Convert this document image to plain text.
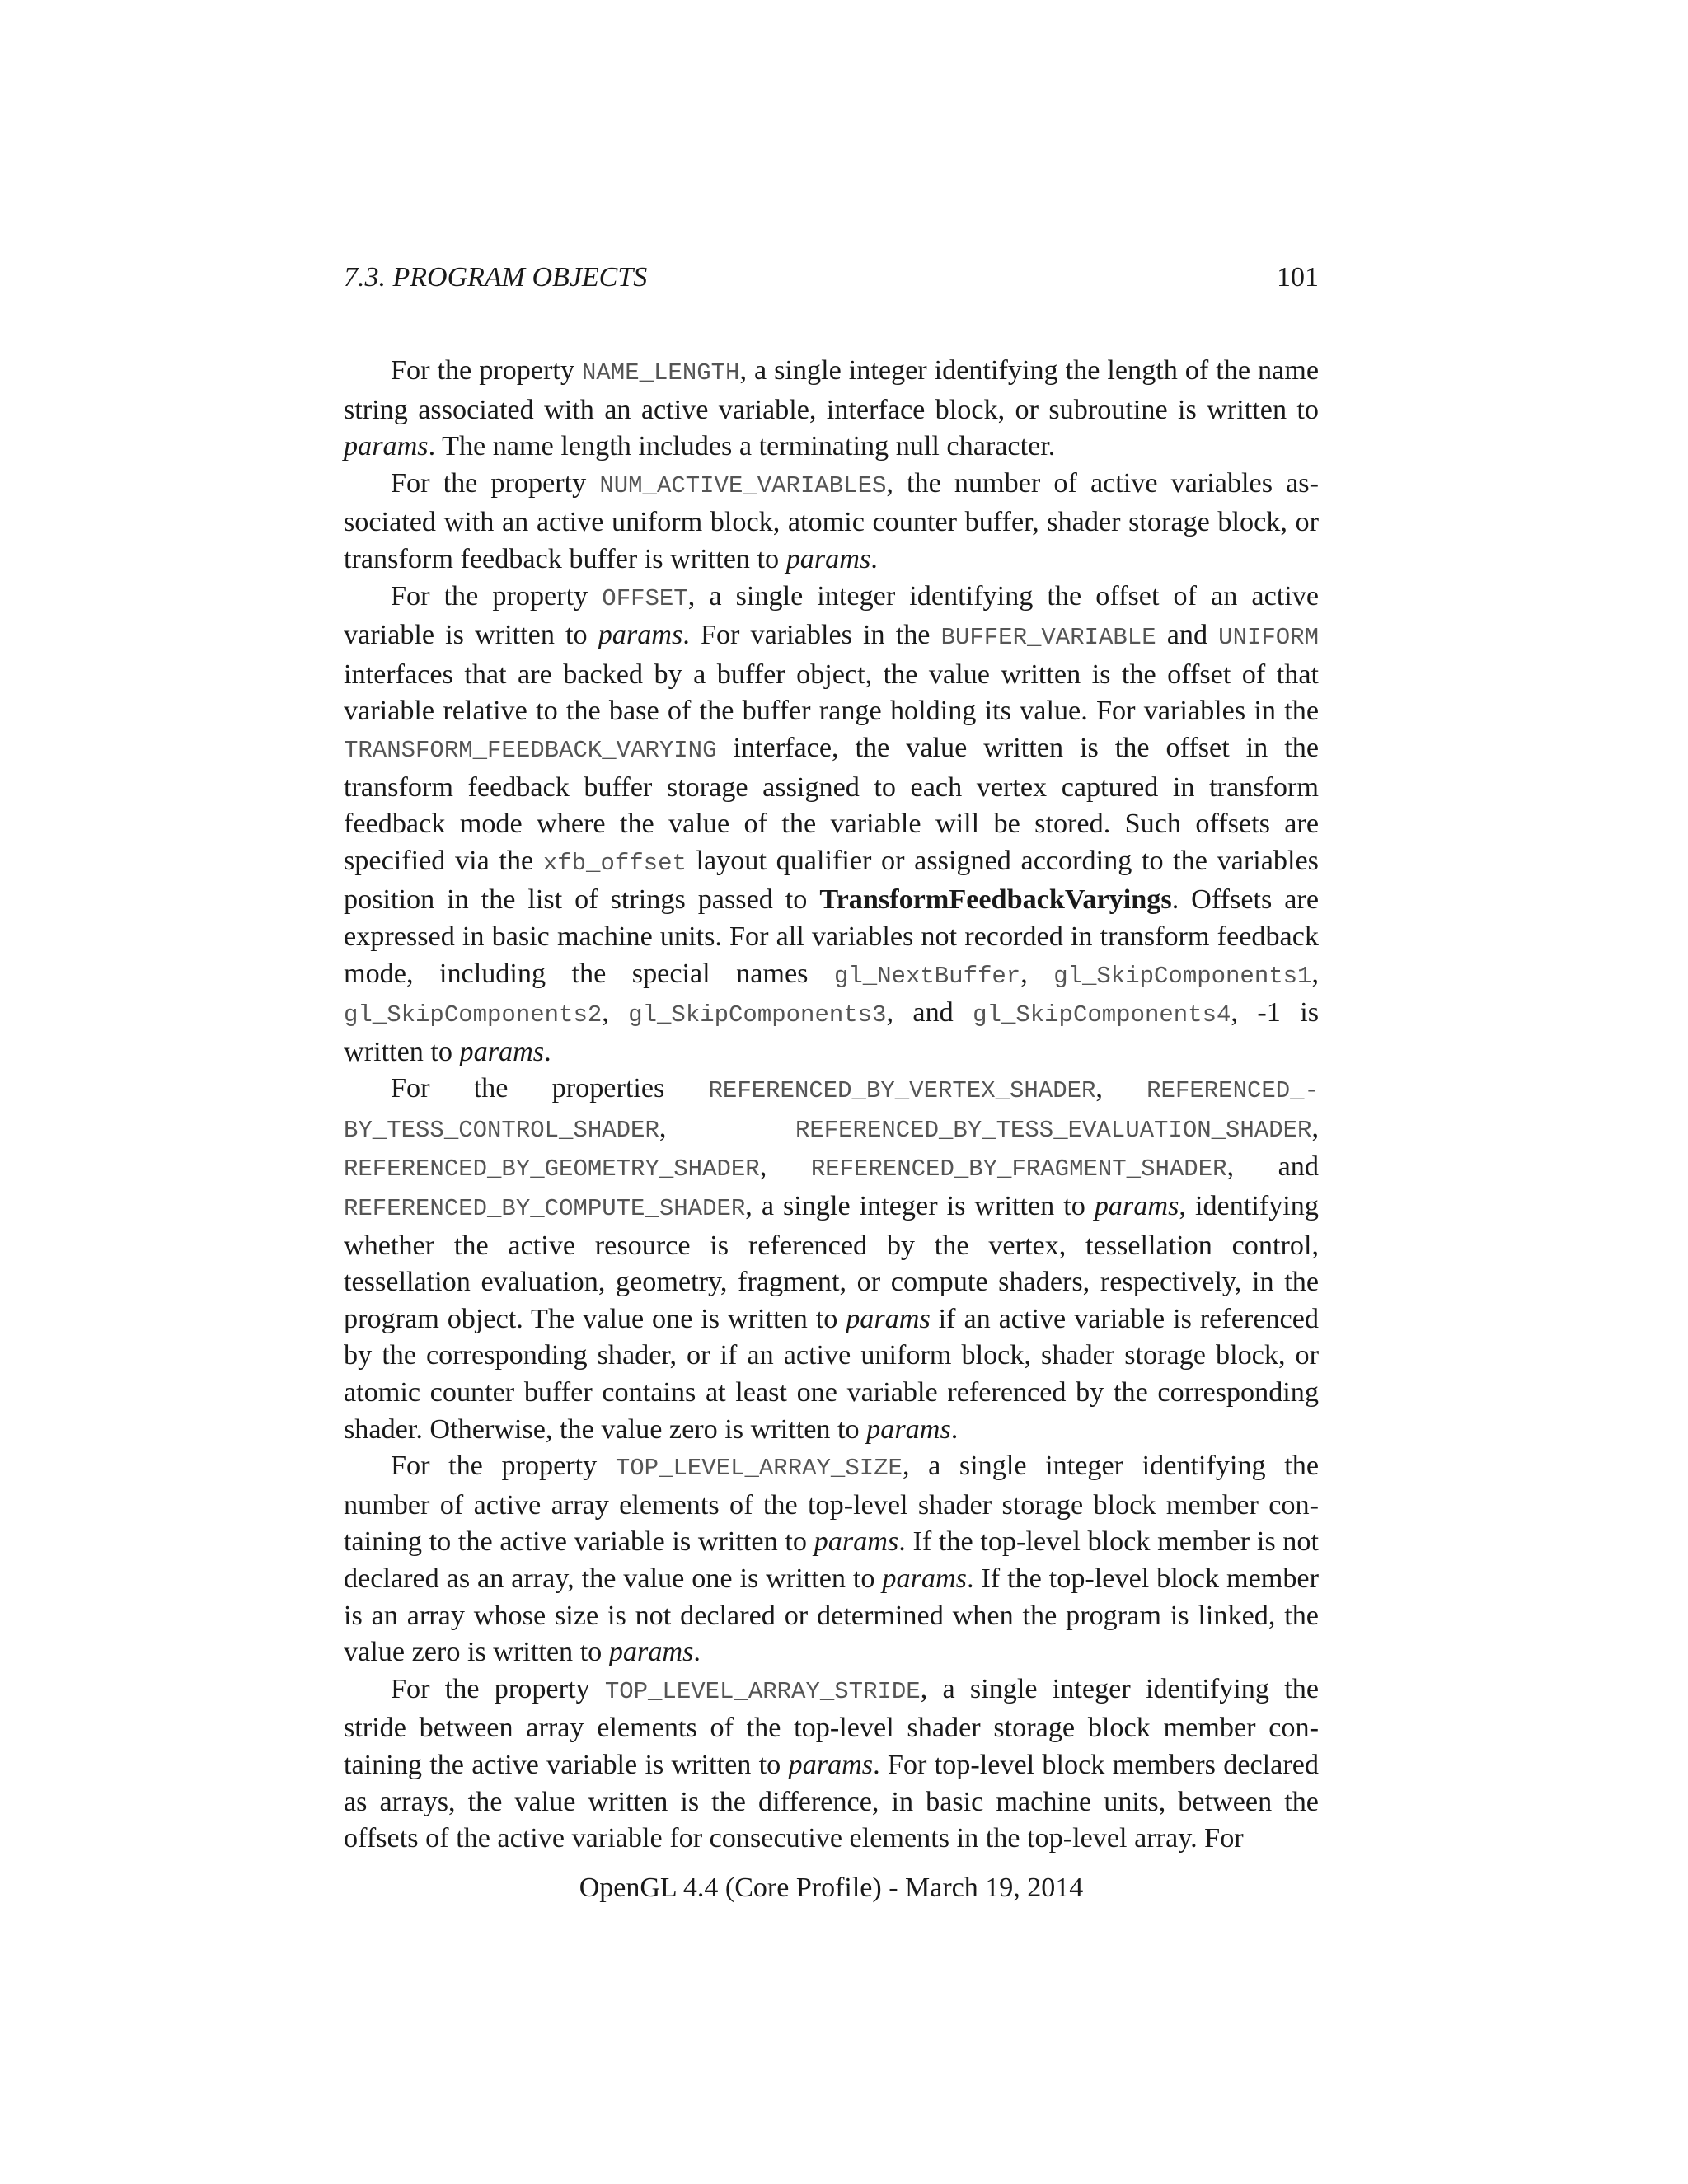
7.3. PROGRAM OBJECTS	101

For the property NAME_LENGTH, a single integer identifying the length of the name string associated with an active variable, interface block, or subroutine is written to params. The name length includes a terminating null character.

For the property NUM_ACTIVE_VARIABLES, the number of active variables associated with an active uniform block, atomic counter buffer, shader storage block, or transform feedback buffer is written to params.

For the property OFFSET, a single integer identifying the offset of an active variable is written to params. For variables in the BUFFER_VARIABLE and UNIFORM interfaces that are backed by a buffer object, the value written is the offset of that variable relative to the base of the buffer range holding its value. For variables in the TRANSFORM_FEEDBACK_VARYING interface, the value written is the offset in the transform feedback buffer storage assigned to each vertex captured in transform feedback mode where the value of the variable will be stored. Such offsets are specified via the xfb_offset layout qualifier or assigned according to the variables position in the list of strings passed to TransformFeedbackVaryings. Offsets are expressed in basic machine units. For all variables not recorded in transform feedback mode, including the special names gl_NextBuffer, gl_SkipComponents1, gl_SkipComponents2, gl_SkipComponents3, and gl_SkipComponents4, -1 is written to params.

For the properties REFERENCED_BY_VERTEX_SHADER, REFERENCED_-BY_TESS_CONTROL_SHADER, REFERENCED_BY_TESS_EVALUATION_SHADER, REFERENCED_BY_GEOMETRY_SHADER, REFERENCED_BY_FRAGMENT_SHADER, and REFERENCED_BY_COMPUTE_SHADER, a single integer is written to params, identifying whether the active resource is referenced by the vertex, tessellation control, tessellation evaluation, geometry, fragment, or compute shaders, respectively, in the program object. The value one is written to params if an active variable is referenced by the corresponding shader, or if an active uniform block, shader storage block, or atomic counter buffer contains at least one variable referenced by the corresponding shader. Otherwise, the value zero is written to params.

For the property TOP_LEVEL_ARRAY_SIZE, a single integer identifying the number of active array elements of the top-level shader storage block member containing to the active variable is written to params. If the top-level block member is not declared as an array, the value one is written to params. If the top-level block member is an array whose size is not declared or determined when the program is linked, the value zero is written to params.

For the property TOP_LEVEL_ARRAY_STRIDE, a single integer identifying the stride between array elements of the top-level shader storage block member containing the active variable is written to params. For top-level block members declared as arrays, the value written is the difference, in basic machine units, between the offsets of the active variable for consecutive elements in the top-level array. For

OpenGL 4.4 (Core Profile) - March 19, 2014
